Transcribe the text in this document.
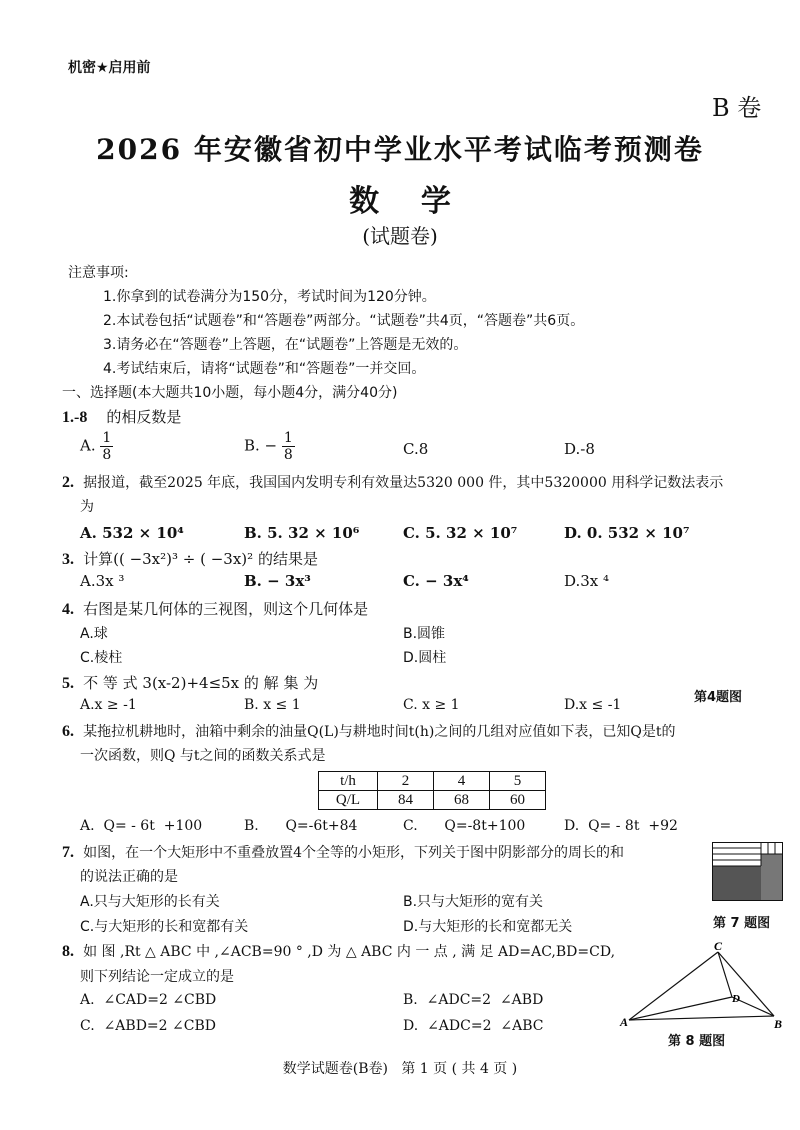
机密★启用前
B 卷
2026 年安徽省初中学业水平考试临考预测卷
数    学
(试题卷)
注意事项:
1.你拿到的试卷满分为150分，考试时间为120分钟。
2.本试卷包括“试题卷”和“答题卷”两部分。“试题卷”共4页，“答题卷”共6页。
3.请务必在“答题卷”上答题，在“试题卷”上答题是无效的。
4.考试结束后，请将“试题卷”和“答题卷”一并交回。
一、选择题(本大题共10小题，每小题4分，满分40分)
1.-8 的相反数是
A. $\frac{1}{8}$	B. − $\frac{1}{8}$	C.8	D.-8
2. 据报道，截至2025 年底，我国国内发明专利有效量达5320 000 件，其中5320000 用科学记数法表示
为
A. 532 × 10⁴	B. 5. 32 × 10⁶	C. 5. 32 × 10⁷	D. 0. 532 × 10⁷
3. 计算(( −3x²)³ ÷ ( −3x)² 的结果是
A.3x ³	B. − 3x³	C. − 3x⁴	D.3x ⁴
4. 右图是某几何体的三视图，则这个几何体是
A.球	B.圆锥
C.棱柱	D.圆柱
第4题图
5. 不 等 式 3(x-2)+4≤5x 的 解 集 为
A.x ≥ -1	B. x ≤ 1	C. x ≥ 1	D.x ≤ -1
6. 某拖拉机耕地时，油箱中剩余的油量Q(L)与耕地时间t(h)之间的几组对应值如下表，已知Q是t的
一次函数，则Q 与t之间的函数关系式是
t/h	2	4	5
Q/L	84	68	60
A.  Q= - 6t  +100	B.      Q=-6t+84	C.      Q=-8t+100	D.  Q= - 8t  +92
7. 如图，在一个大矩形中不重叠放置4个全等的小矩形，下列关于图中阴影部分的周长的和
的说法正确的是
A.只与大矩形的长有关	B.只与大矩形的宽有关
C.与大矩形的长和宽都有关	D.与大矩形的长和宽都无关	第 7 题图
8. 如 图 ,Rt △ ABC 中 ,∠ACB=90 ° ,D 为 △ ABC 内 一 点 , 满 足 AD=AC,BD=CD,
则下列结论一定成立的是
A.  ∠CAD=2 ∠CBD	B.  ∠ADC=2  ∠ABD
C.  ∠ABD=2 ∠CBD	D.  ∠ADC=2  ∠ABC
C
A	B
D
第 8 题图
数学试题卷(B卷)   第 1 页 ( 共 4 页 )
